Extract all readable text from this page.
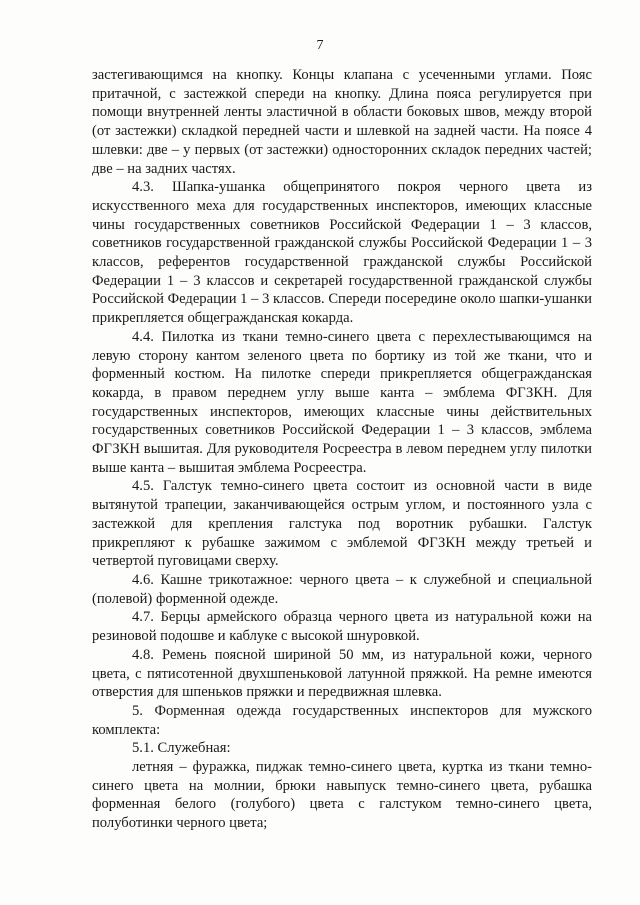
7

застегивающимся на кнопку. Концы клапана с усеченными углами. Пояс притачной, с застежкой спереди на кнопку. Длина пояса регулируется при помощи внутренней ленты эластичной в области боковых швов, между второй (от застежки) складкой передней части и шлевкой на задней части. На поясе 4 шлевки: две – у первых (от застежки) односторонних складок передних частей; две – на задних частях.

4.3. Шапка-ушанка общепринятого покроя черного цвета из искусственного меха для государственных инспекторов, имеющих классные чины государственных советников Российской Федерации 1 – 3 классов, советников государственной гражданской службы Российской Федерации 1 – 3 классов, референтов государственной гражданской службы Российской Федерации 1 – 3 классов и секретарей государственной гражданской службы Российской Федерации 1 – 3 классов. Спереди посередине около шапки-ушанки прикрепляется общегражданская кокарда.

4.4. Пилотка из ткани темно-синего цвета с перехлестывающимся на левую сторону кантом зеленого цвета по бортику из той же ткани, что и форменный костюм. На пилотке спереди прикрепляется общегражданская кокарда, в правом переднем углу выше канта – эмблема ФГЗКН. Для государственных инспекторов, имеющих классные чины действительных государственных советников Российской Федерации 1 – 3 классов, эмблема ФГЗКН вышитая. Для руководителя Росреестра в левом переднем углу пилотки выше канта – вышитая эмблема Росреестра.

4.5. Галстук темно-синего цвета состоит из основной части в виде вытянутой трапеции, заканчивающейся острым углом, и постоянного узла с застежкой для крепления галстука под воротник рубашки. Галстук прикрепляют к рубашке зажимом с эмблемой ФГЗКН между третьей и четвертой пуговицами сверху.

4.6. Кашне трикотажное: черного цвета – к служебной и специальной (полевой) форменной одежде.

4.7. Берцы армейского образца черного цвета из натуральной кожи на резиновой подошве и каблуке с высокой шнуровкой.

4.8. Ремень поясной шириной 50 мм, из натуральной кожи, черного цвета, с пятисотенной двухшпеньковой латунной пряжкой. На ремне имеются отверстия для шпеньков пряжки и передвижная шлевка.

5. Форменная одежда государственных инспекторов для мужского комплекта:

5.1. Служебная:

летняя – фуражка, пиджак темно-синего цвета, куртка из ткани темно-синего цвета на молнии, брюки навыпуск темно-синего цвета, рубашка форменная белого (голубого) цвета с галстуком темно-синего цвета, полуботинки черного цвета;
